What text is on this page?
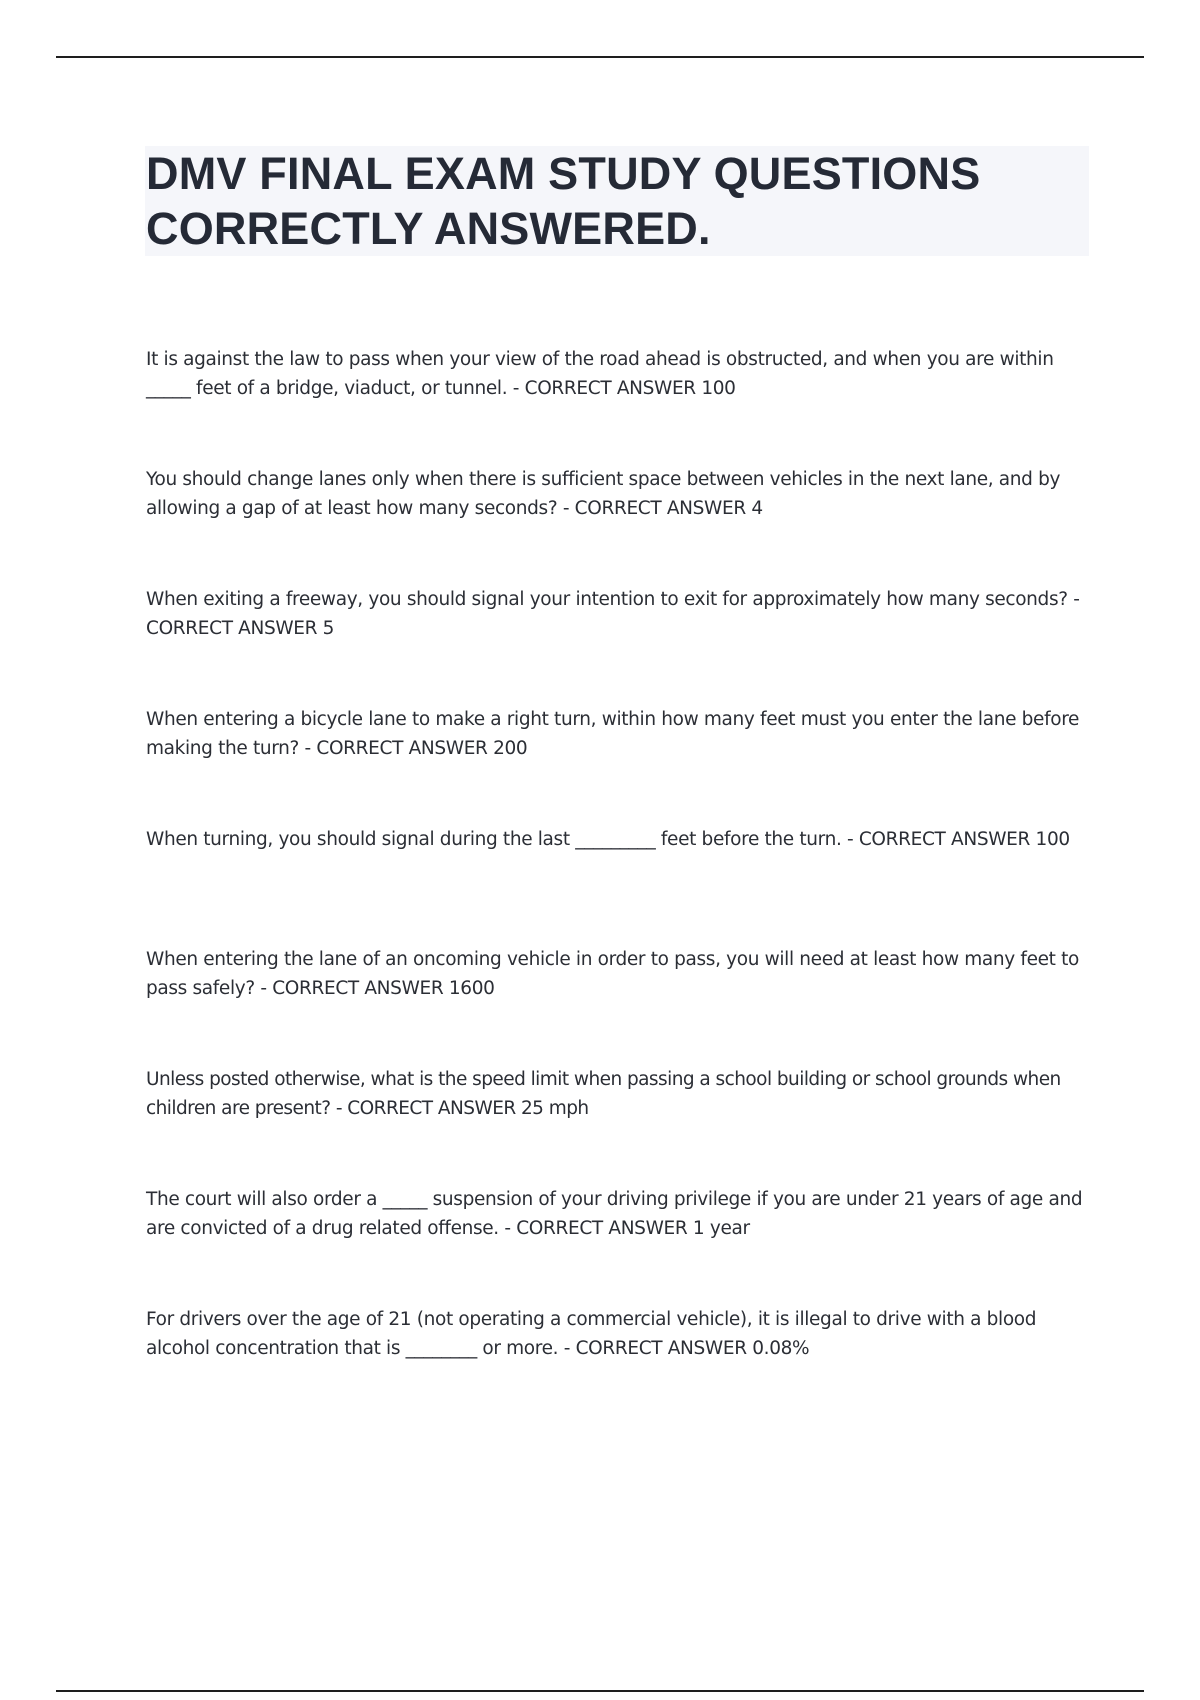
DMV FINAL EXAM STUDY QUESTIONS CORRECTLY ANSWERED.

It is against the law to pass when your view of the road ahead is obstructed, and when you are within _____ feet of a bridge, viaduct, or tunnel. - CORRECT ANSWER 100

You should change lanes only when there is sufficient space between vehicles in the next lane, and by allowing a gap of at least how many seconds? - CORRECT ANSWER 4

When exiting a freeway, you should signal your intention to exit for approximately how many seconds? - CORRECT ANSWER 5

When entering a bicycle lane to make a right turn, within how many feet must you enter the lane before making the turn? - CORRECT ANSWER 200

When turning, you should signal during the last _________ feet before the turn. - CORRECT ANSWER 100

When entering the lane of an oncoming vehicle in order to pass, you will need at least how many feet to pass safely? - CORRECT ANSWER 1600

Unless posted otherwise, what is the speed limit when passing a school building or school grounds when children are present? - CORRECT ANSWER 25 mph

The court will also order a _____ suspension of your driving privilege if you are under 21 years of age and are convicted of a drug related offense. - CORRECT ANSWER 1 year

For drivers over the age of 21 (not operating a commercial vehicle), it is illegal to drive with a blood alcohol concentration that is ________ or more. - CORRECT ANSWER 0.08%
